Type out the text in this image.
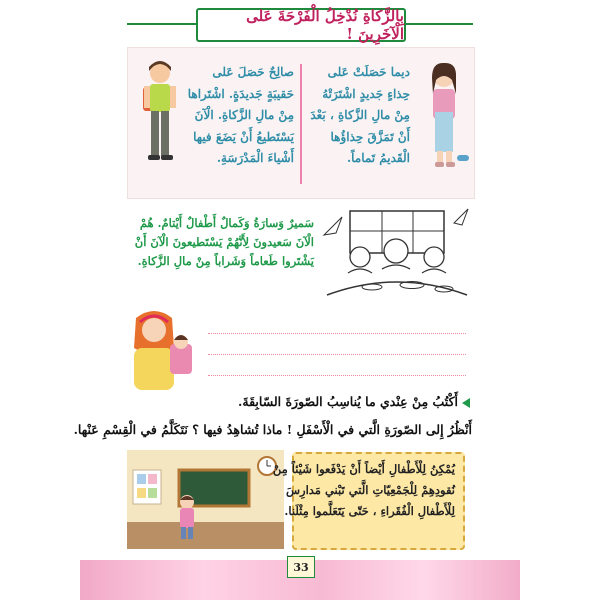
بِالزَّكاةِ نُدْخِلُ الْفَرْحَةَ عَلى الْآخَرِينَ !
ديما حَصَلَتْ عَلى
حِذاءٍ جَديدٍ اشْتَرَتْهُ
مِنْ مالِ الزَّكاةِ ، بَعْدَ
أَنْ تَمَزَّقَ حِذاؤُها
الْقَديمُ تَماماً.
صالِحٌ حَصَلَ عَلى
حَقيبَةٍ جَديدَةٍ. اشْتَراها
مِنْ مالِ الزَّكاةِ. الْآنَ
يَسْتَطيعُ أَنْ يَضَعَ فيها
أَشْياءَ الْمَدْرَسَةِ.
سَميرٌ وَسارَةُ وَكَمالٌ أَطْفالٌ أَيْتامٌ. هُمْ
الْآنَ سَعيدونَ لِأَنَّهُمْ يَسْتَطيعونَ الْآنَ أَنْ
يَشْتَروا طَعاماً وَشَراباً مِنْ مالِ الزَّكاةِ.
أَكْتُبُ مِنْ عِنْدي ما يُناسِبُ الصّورَةَ السّابِقَةَ.
أَنْظُرُ إِلى الصّورَةِ الَّتي في الْأَسْفَلِ ! ماذا تُشاهِدُ فيها ؟ نَتَكَلَّمُ في الْقِسْمِ عَنْها.
يُمْكِنُ لِلْأَطْفالِ أَيْضاً أَنْ يَدْفَعوا شَيْئاً مِنْ
نُقودِهِمْ لِلْجَمْعِيّاتِ الَّتي تَبْني مَدارِسَ
لِلْأَطْفالِ الْفُقَراءِ ، حَتّى يَتَعَلَّموا مِثْلَنا.
33
